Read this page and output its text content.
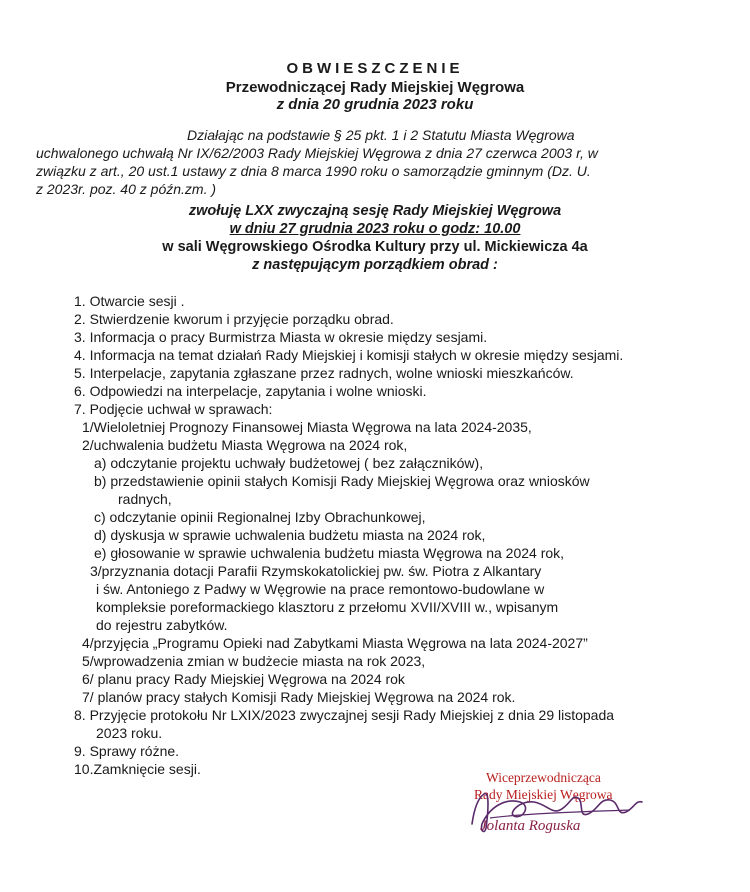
OBWIESZCZENIE
Przewodniczącej Rady Miejskiej Węgrowa
z dnia 20 grudnia 2023 roku
Działając na podstawie § 25 pkt. 1 i 2 Statutu Miasta Węgrowa
uchwalonego uchwałą Nr IX/62/2003 Rady Miejskiej Węgrowa z dnia 27 czerwca 2003 r, w
związku z art., 20 ust.1 ustawy z dnia 8 marca 1990 roku o samorządzie gminnym (Dz. U.
z 2023r. poz. 40 z późn.zm. )
zwołuję LXX zwyczajną sesję Rady Miejskiej Węgrowa
w dniu 27 grudnia 2023 roku o godz: 10.00
w sali Węgrowskiego Ośrodka Kultury przy ul. Mickiewicza 4a
z następującym porządkiem obrad :
1. Otwarcie sesji .
2. Stwierdzenie kworum i przyjęcie porządku obrad.
3. Informacja o pracy Burmistrza Miasta w okresie między sesjami.
4. Informacja na temat działań Rady Miejskiej i komisji stałych w okresie między sesjami.
5. Interpelacje, zapytania zgłaszane przez radnych, wolne wnioski mieszkańców.
6. Odpowiedzi na interpelacje, zapytania i wolne wnioski.
7. Podjęcie uchwał w sprawach:
1/Wieloletniej Prognozy Finansowej Miasta Węgrowa na lata 2024-2035,
2/uchwalenia budżetu Miasta Węgrowa na 2024 rok,
a) odczytanie projektu uchwały budżetowej ( bez załączników),
b) przedstawienie opinii stałych Komisji Rady Miejskiej Węgrowa oraz wniosków
radnych,
c) odczytanie opinii Regionalnej Izby Obrachunkowej,
d) dyskusja w sprawie uchwalenia budżetu miasta na 2024 rok,
e) głosowanie w sprawie uchwalenia budżetu miasta Węgrowa na 2024 rok,
3/przyznania dotacji Parafii Rzymskokatolickiej pw. św. Piotra z Alkantary
i św. Antoniego z Padwy w Węgrowie na prace remontowo-budowlane w
kompleksie poreformackiego klasztoru z przełomu XVII/XVIII w., wpisanym
do rejestru zabytków.
4/przyjęcia „Programu Opieki nad Zabytkami Miasta Węgrowa na lata 2024-2027”
5/wprowadzenia zmian w budżecie miasta na rok 2023,
6/ planu pracy Rady Miejskiej Węgrowa na 2024 rok
7/ planów pracy stałych Komisji Rady Miejskiej Węgrowa na 2024 rok.
8. Przyjęcie protokołu Nr LXIX/2023 zwyczajnej sesji Rady Miejskiej z dnia 29 listopada
2023 roku.
9. Sprawy różne.
10.Zamknięcie sesji.
Wiceprzewodnicząca
Rady Miejskiej Węgrowa
Jolanta Roguska
